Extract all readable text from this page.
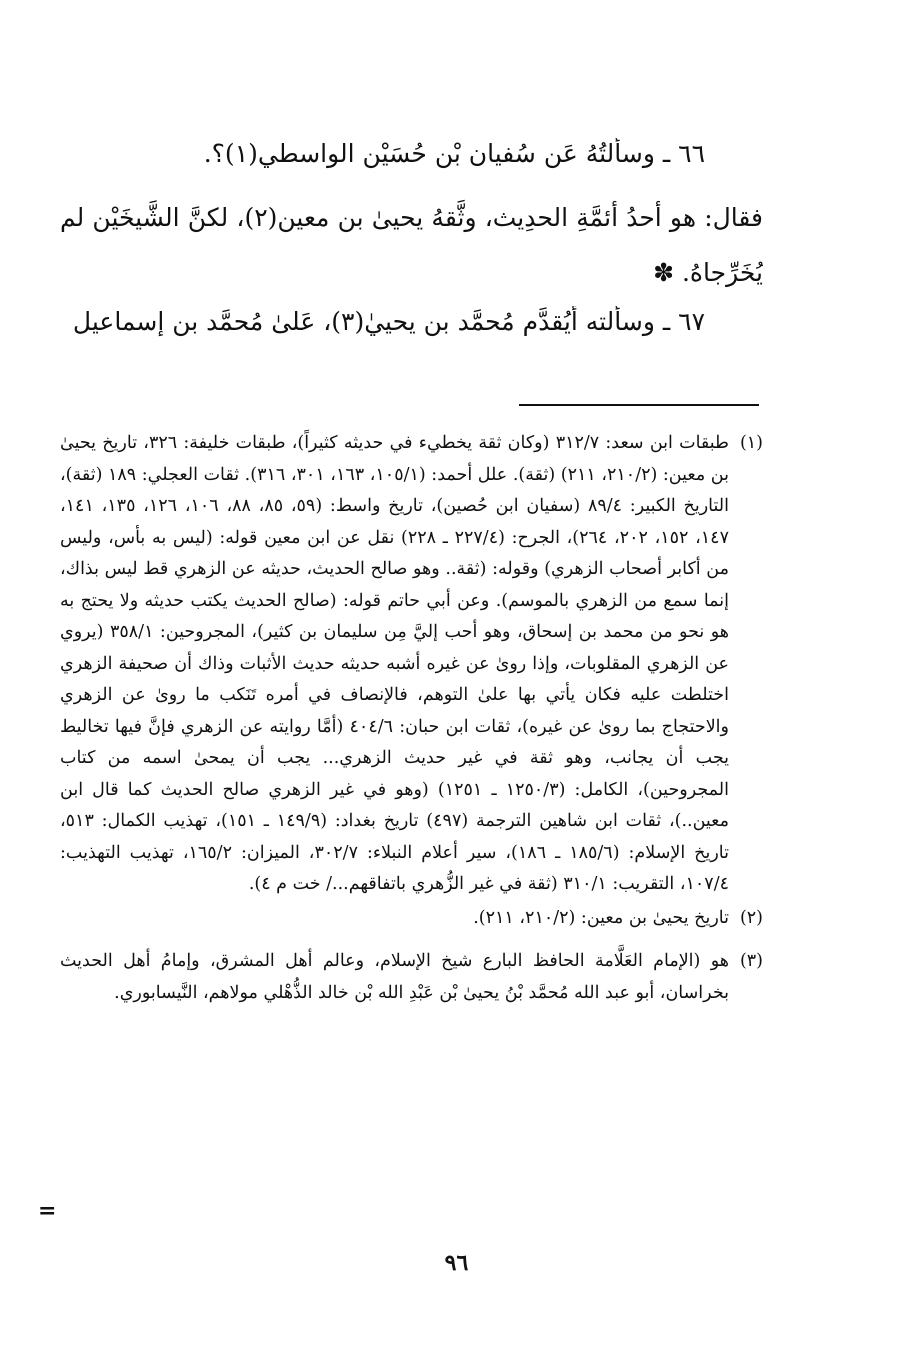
٦٦ ـ وسألتُهُ عَن سُفيان بْنِ حُسَيْنٍ الواسطي(١)؟.
فقال: هو أحدُ أئمَّةِ الحدِيث، وثَّقهُ يحيىٰ بن معين(٢)، لكنَّ الشَّيخَيْن لم يُخَرِّجاهُ. ✽
٦٧ ـ وسألته أيُقدَّم مُحمَّد بن يحييٰ(٣)، عَلىٰ مُحمَّد بن إسماعيل

(١)
طبقات ابن سعد: ٣١٢/٧ (وكان ثقة يخطيء في حديثه كثيراً)، طبقات خليفة: ٣٢٦، تاريخ يحيىٰ بن معين: (٢١٠/٢، ٢١١) (ثقة). علل أحمد: (١٠٥/١، ١٦٣، ٣٠١، ٣١٦). ثقات العجلي: ١٨٩ (ثقة)، التاريخ الكبير: ٨٩/٤ (سفيان ابن حُصين)، تاريخ واسط: (٥٩، ٨٥، ٨٨، ١٠٦، ١٢٦، ١٣٥، ١٤١، ١٤٧، ١٥٢، ٢٠٢، ٢٦٤)، الجرح: (٢٢٧/٤ ـ ٢٢٨) نقل عن ابن معين قوله: (ليس به بأس، وليس من أكابر أصحاب الزهري) وقوله: (ثقة.. وهو صالح الحديث، حديثه عن الزهري قط ليس بذاك، إنما سمع من الزهري بالموسم). وعن أبي حاتم قوله: (صالح الحديث يكتب حديثه ولا يحتج به هو نحو من محمد بن إسحاق، وهو أحب إليَّ مِن سليمان بن كثير)، المجروحين: ٣٥٨/١ (يروي عن الزهري المقلوبات، وإذا روىٰ عن غيره أشبه حديثه حديث الأثبات وذاك أن صحيفة الزهري اختلطت عليه فكان يأتي بها علىٰ التوهم، فالإنصاف في أمره تَنَكب ما روىٰ عن الزهري والاحتجاج بما روىٰ عن غيره)، ثقات ابن حبان: ٤٠٤/٦ (أمَّا روايته عن الزهري فإنَّ فيها تخاليط يجب أن يجانب، وهو ثقة في غير حديث الزهري... يجب أن يمحىٰ اسمه من كتاب المجروحين)، الكامل: (١٢٥٠/٣ ـ ١٢٥١) (وهو في غير الزهري صالح الحديث كما قال ابن معين..)، ثقات ابن شاهين الترجمة (٤٩٧) تاريخ بغداد: (١٤٩/٩ ـ ١٥١)، تهذيب الكمال: ٥١٣، تاريخ الإسلام: (١٨٥/٦ ـ ١٨٦)، سير أعلام النبلاء: ٣٠٢/٧، الميزان: ١٦٥/٢، تهذيب التهذيب: ١٠٧/٤، التقريب: ٣١٠/١ (ثقة في غير الزُّهري باتفاقهم.../ خت م ٤).

(٢)
تاريخ يحيىٰ بن معين: (٢١٠/٢، ٢١١).

(٣)
هو (الإمام العَلَّامة الحافظ البارع شيخ الإسلام، وعالم أهل المشرق، وإمامُ أهل الحديث بخراسان، أبو عبد الله مُحمَّد بْنُ يحيىٰ بْن عَبْدِ الله بْن خالد الذُّهْلي مولاهم، النَّيسابوري.

=
٩٦
